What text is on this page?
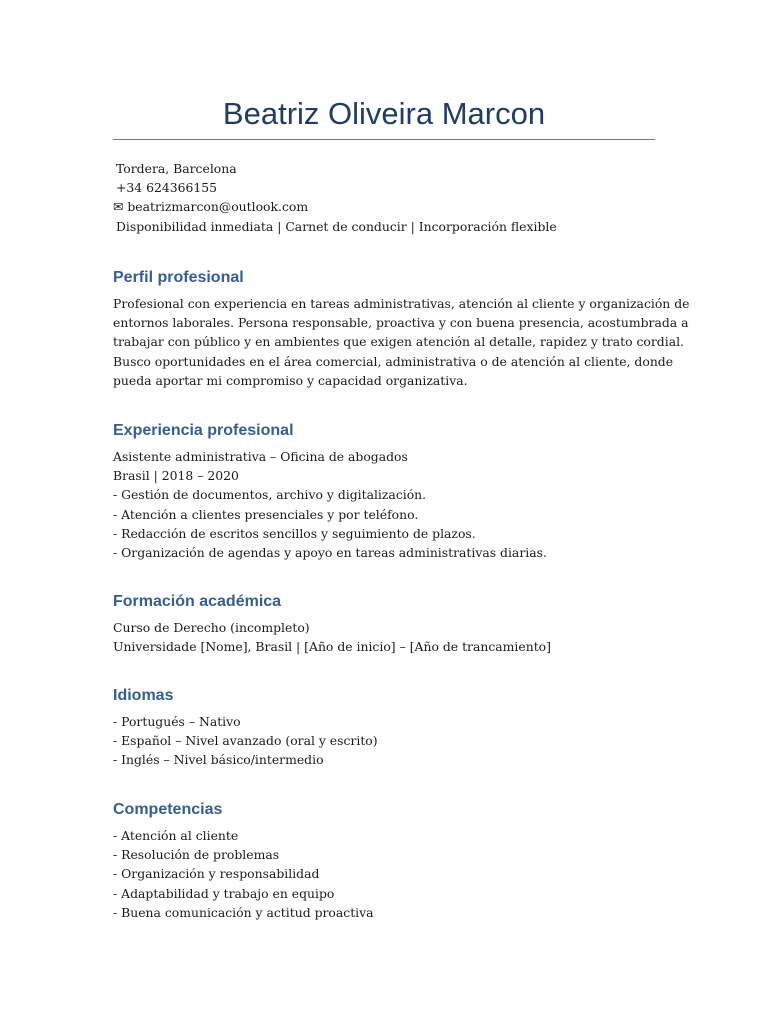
Beatriz Oliveira Marcon
Tordera, Barcelona
+34 624366155
✉ beatrizmarcon@outlook.com
Disponibilidad inmediata | Carnet de conducir | Incorporación flexible
Perfil profesional
Profesional con experiencia en tareas administrativas, atención al cliente y organización de
entornos laborales. Persona responsable, proactiva y con buena presencia, acostumbrada a
trabajar con público y en ambientes que exigen atención al detalle, rapidez y trato cordial.
Busco oportunidades en el área comercial, administrativa o de atención al cliente, donde
pueda aportar mi compromiso y capacidad organizativa.
Experiencia profesional
Asistente administrativa – Oficina de abogados
Brasil | 2018 – 2020
- Gestión de documentos, archivo y digitalización.
- Atención a clientes presenciales y por teléfono.
- Redacción de escritos sencillos y seguimiento de plazos.
- Organización de agendas y apoyo en tareas administrativas diarias.
Formación académica
Curso de Derecho (incompleto)
Universidade [Nome], Brasil | [Año de inicio] – [Año de trancamiento]
Idiomas
- Portugués – Nativo
- Español – Nivel avanzado (oral y escrito)
- Inglés – Nivel básico/intermedio
Competencias
- Atención al cliente
- Resolución de problemas
- Organización y responsabilidad
- Adaptabilidad y trabajo en equipo
- Buena comunicación y actitud proactiva
